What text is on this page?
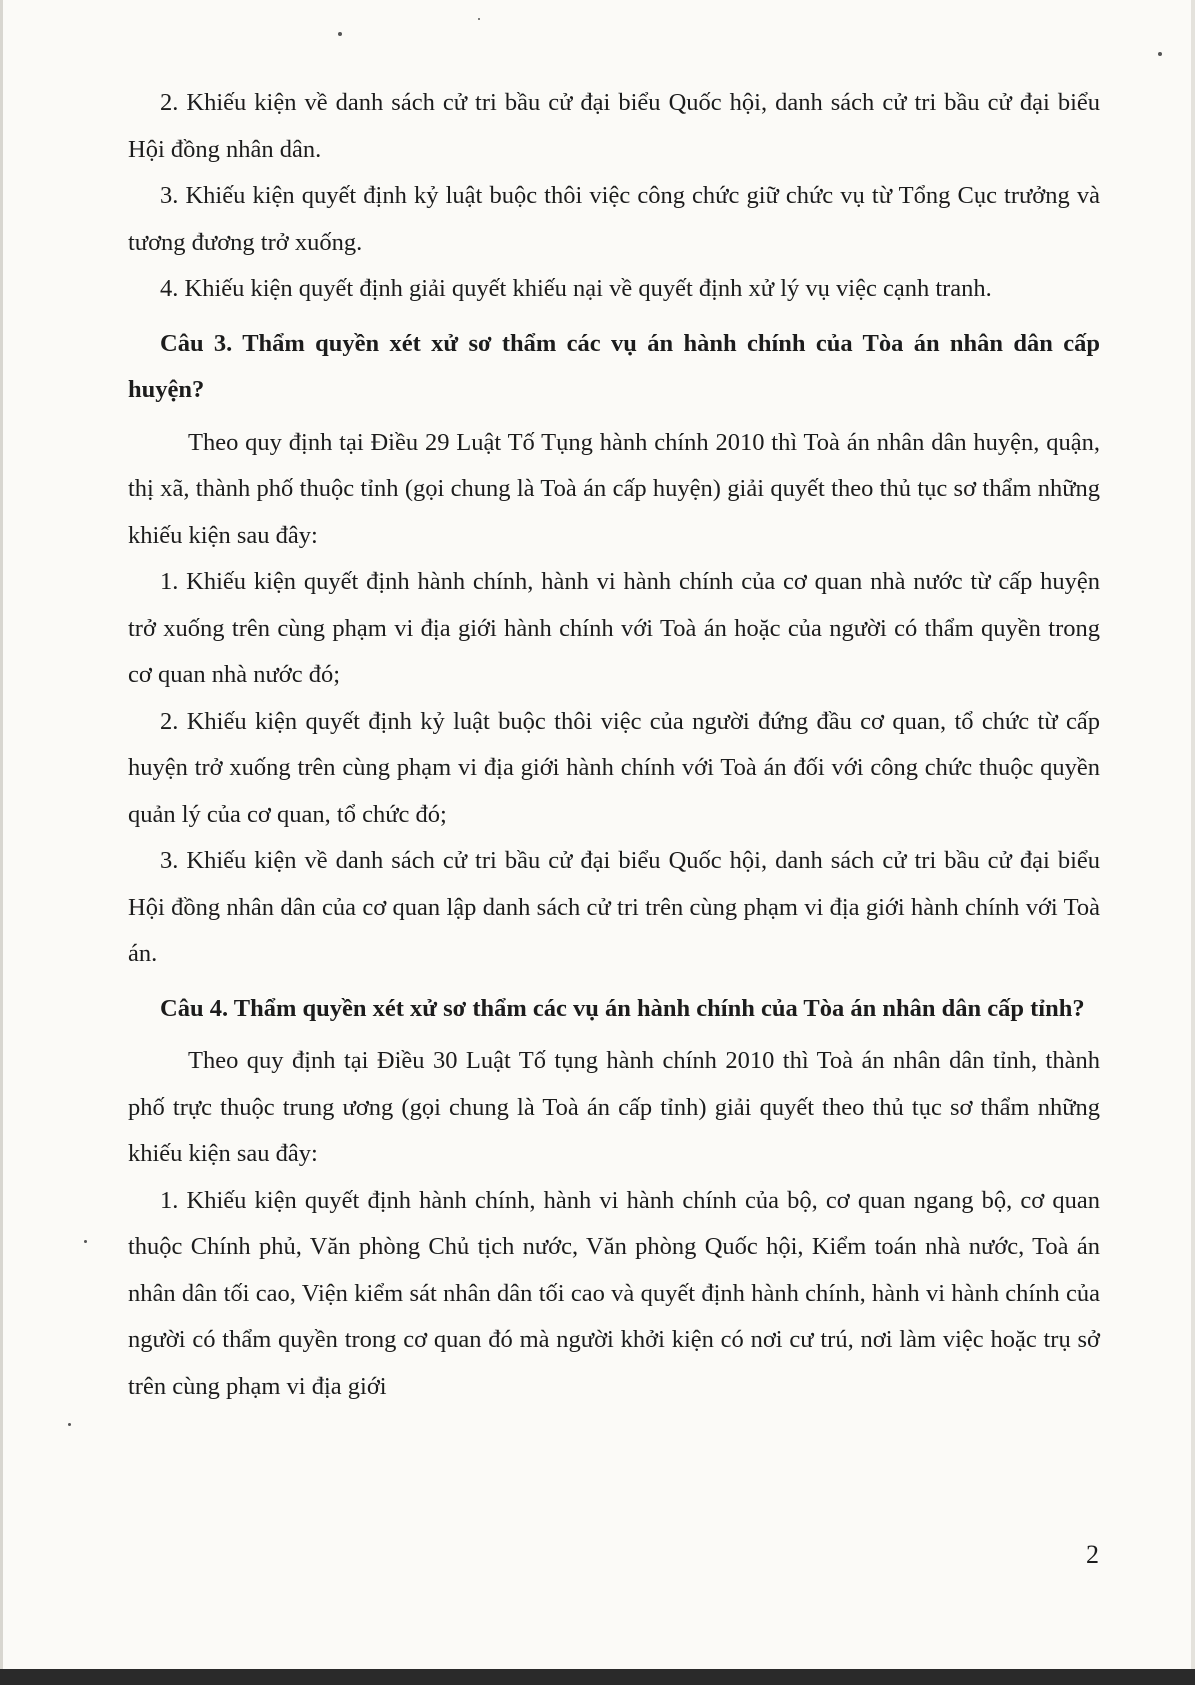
2. Khiếu kiện về danh sách cử tri bầu cử đại biểu Quốc hội, danh sách cử tri bầu cử đại biểu Hội đồng nhân dân.

3. Khiếu kiện quyết định kỷ luật buộc thôi việc công chức giữ chức vụ từ Tổng Cục trưởng và tương đương trở xuống.

4. Khiếu kiện quyết định giải quyết khiếu nại về quyết định xử lý vụ việc cạnh tranh.

Câu 3. Thẩm quyền xét xử sơ thẩm các vụ án hành chính của Tòa án nhân dân cấp huyện?

Theo quy định tại Điều 29 Luật Tố Tụng hành chính 2010 thì Toà án nhân dân huyện, quận, thị xã, thành phố thuộc tỉnh (gọi chung là Toà án cấp huyện) giải quyết theo thủ tục sơ thẩm những khiếu kiện sau đây:

1. Khiếu kiện quyết định hành chính, hành vi hành chính của cơ quan nhà nước từ cấp huyện trở xuống trên cùng phạm vi địa giới hành chính với Toà án hoặc của người có thẩm quyền trong cơ quan nhà nước đó;

2. Khiếu kiện quyết định kỷ luật buộc thôi việc của người đứng đầu cơ quan, tổ chức từ cấp huyện trở xuống trên cùng phạm vi địa giới hành chính với Toà án đối với công chức thuộc quyền quản lý của cơ quan, tổ chức đó;

3. Khiếu kiện về danh sách cử tri bầu cử đại biểu Quốc hội, danh sách cử tri bầu cử đại biểu Hội đồng nhân dân của cơ quan lập danh sách cử tri trên cùng phạm vi địa giới hành chính với Toà án.

Câu 4. Thẩm quyền xét xử sơ thẩm các vụ án hành chính của Tòa án nhân dân cấp tỉnh?

Theo quy định tại Điều 30 Luật Tố tụng hành chính 2010 thì Toà án nhân dân tỉnh, thành phố trực thuộc trung ương (gọi chung là Toà án cấp tỉnh) giải quyết theo thủ tục sơ thẩm những khiếu kiện sau đây:

1. Khiếu kiện quyết định hành chính, hành vi hành chính của bộ, cơ quan ngang bộ, cơ quan thuộc Chính phủ, Văn phòng Chủ tịch nước, Văn phòng Quốc hội, Kiểm toán nhà nước, Toà án nhân dân tối cao, Viện kiểm sát nhân dân tối cao và quyết định hành chính, hành vi hành chính của người có thẩm quyền trong cơ quan đó mà người khởi kiện có nơi cư trú, nơi làm việc hoặc trụ sở trên cùng phạm vi địa giới

2
